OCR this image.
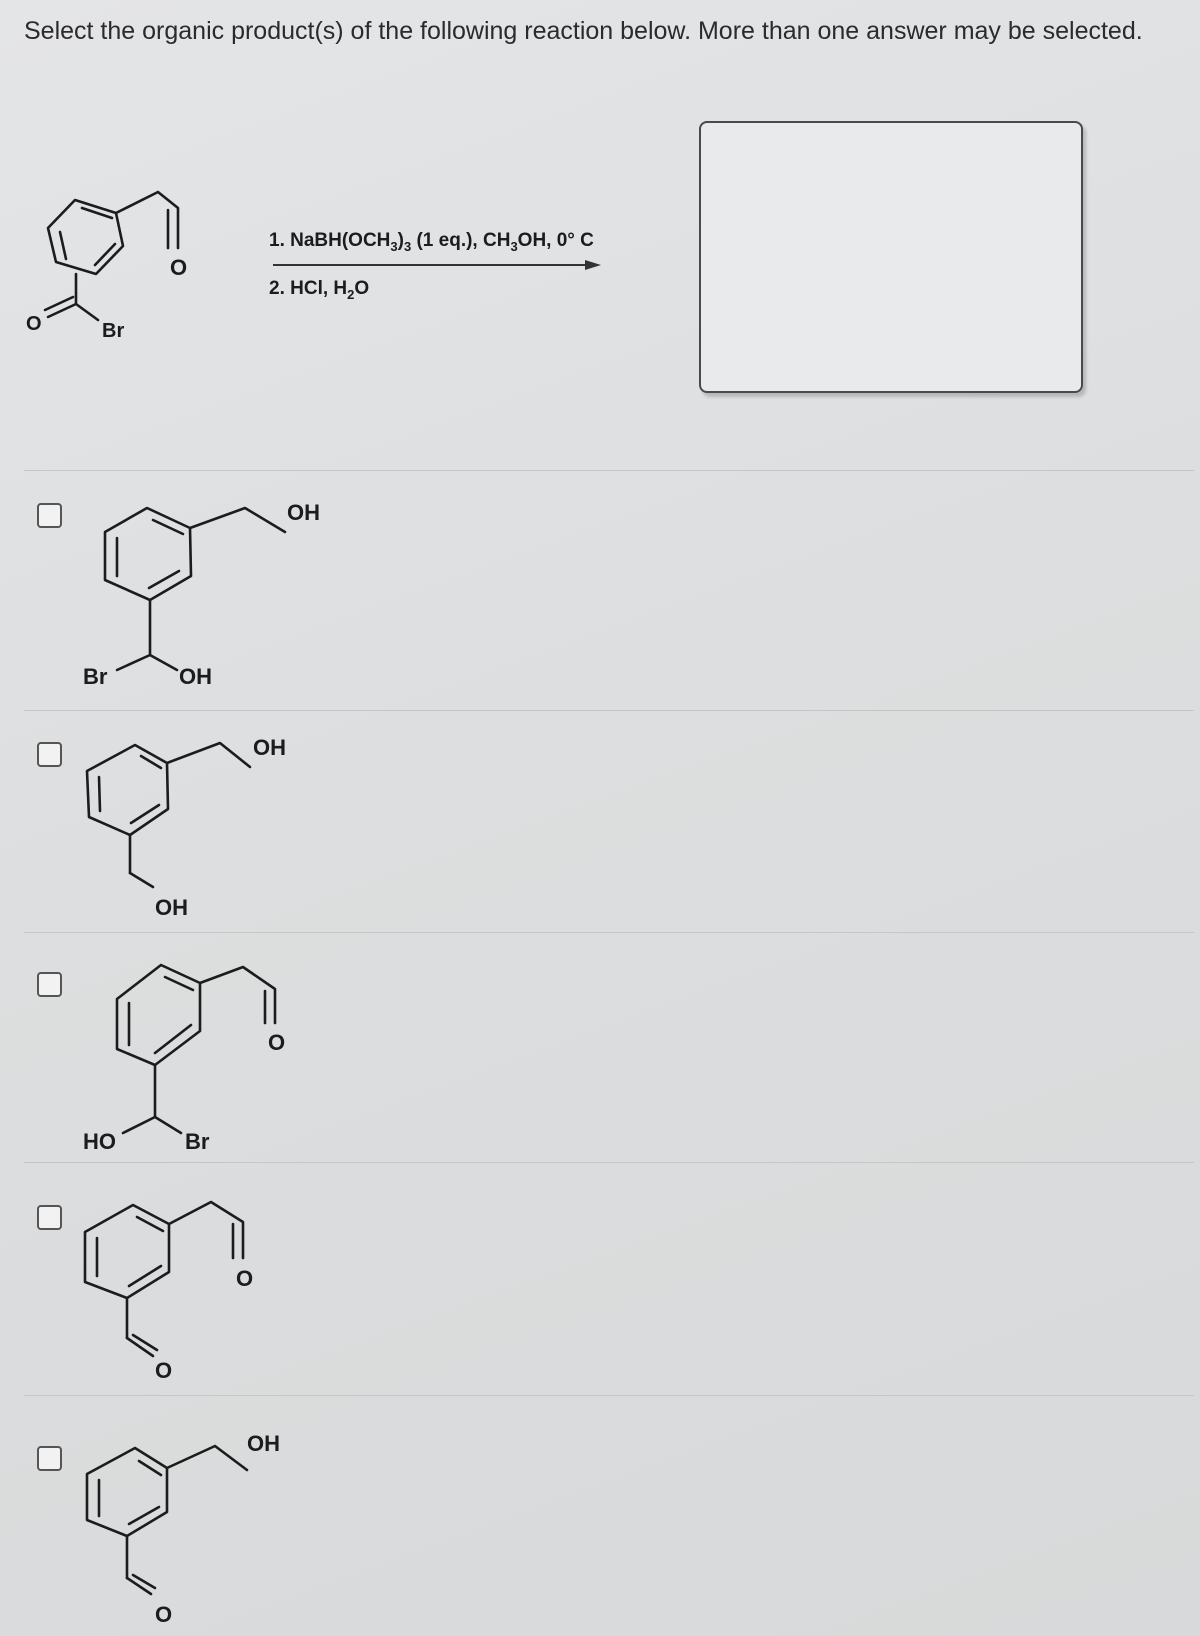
Select the organic product(s) of the following reaction below. More than one answer may be selected.

O
O	Br
1. $NaBH(OCH_3)_3$ (1 eq.), $CH_3OH$, 0° C
2. HCl, $H_2O$
OH
Br	OH
OH
OH
O
HO	Br
O
O
OH
O
